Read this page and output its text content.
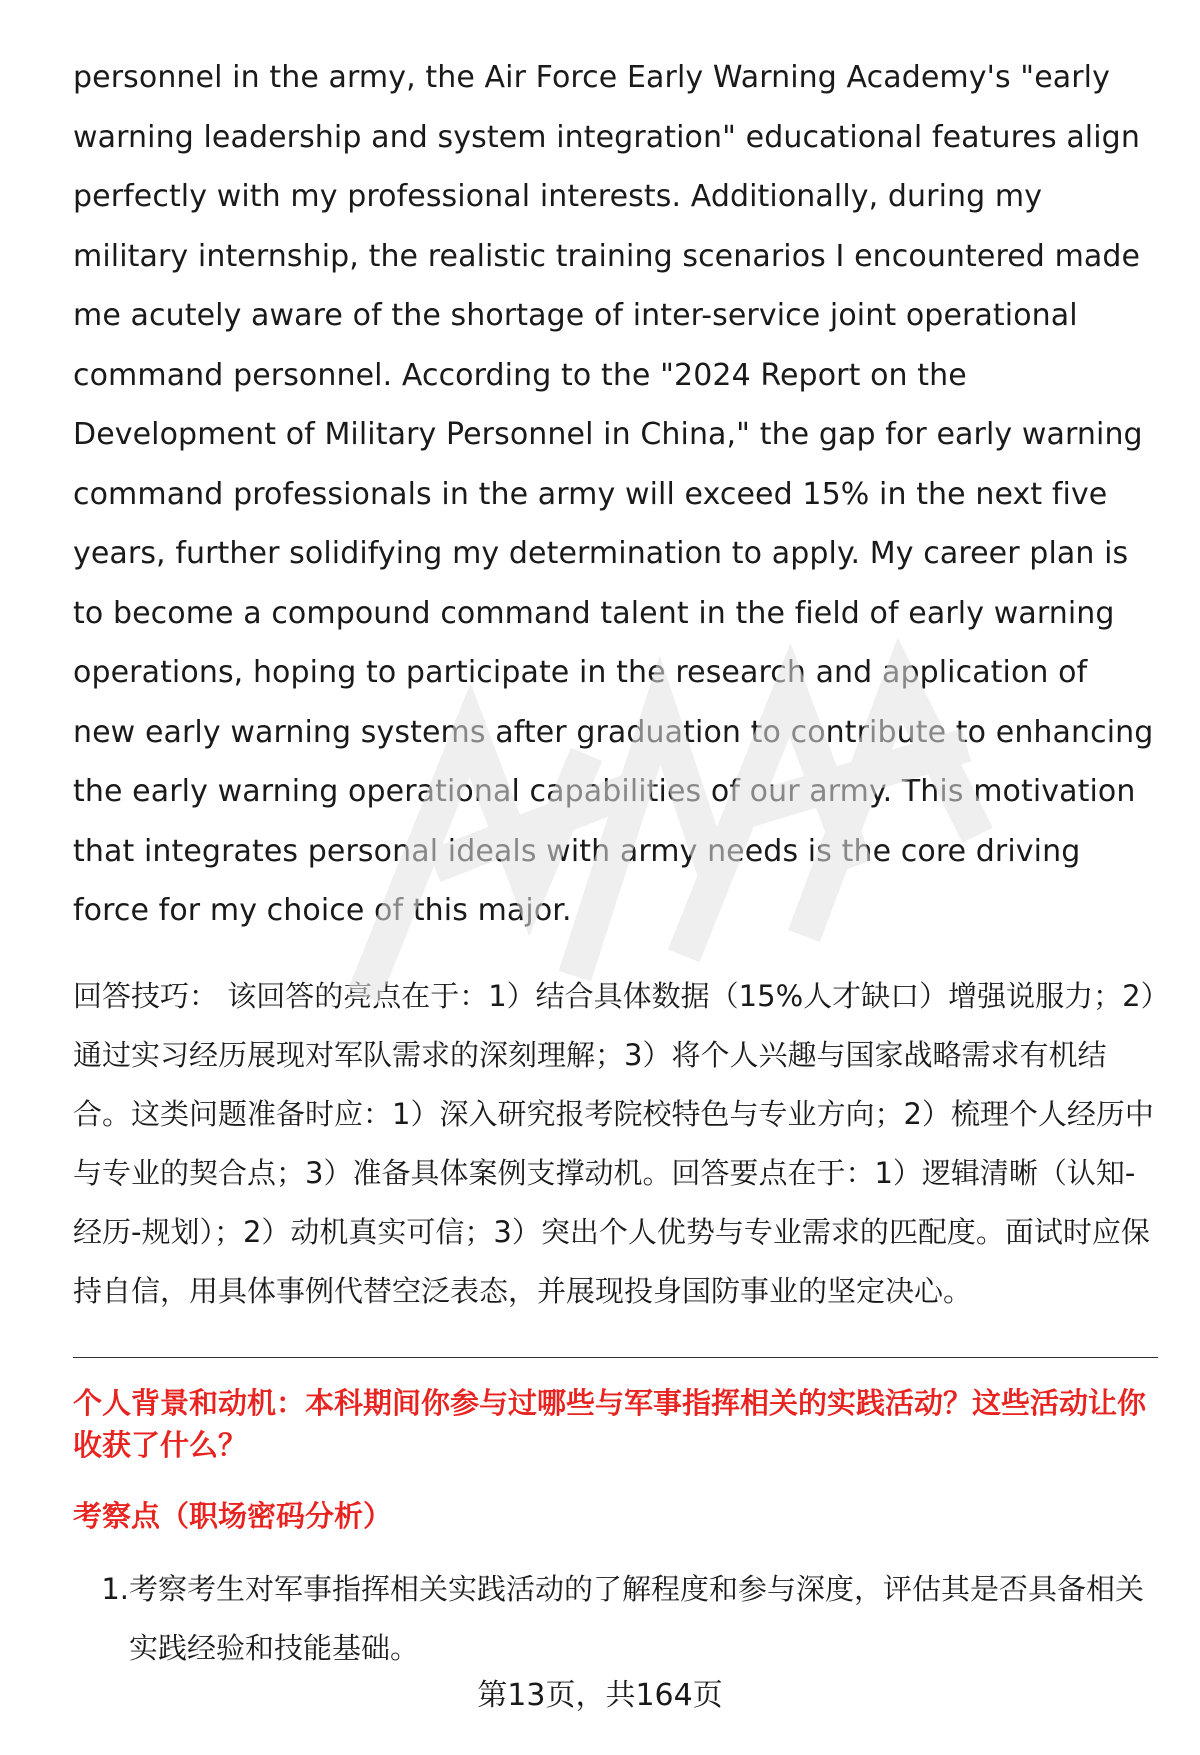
personnel in the army, the Air Force Early Warning Academy's "early warning leadership and system integration" educational features align perfectly with my professional interests. Additionally, during my military internship, the realistic training scenarios I encountered made me acutely aware of the shortage of inter-service joint operational command personnel. According to the "2024 Report on the Development of Military Personnel in China," the gap for early warning command professionals in the army will exceed 15% in the next five years, further solidifying my determination to apply. My career plan is to become a compound command talent in the field of early warning operations, hoping to participate in the research and application of new early warning systems after graduation to contribute to enhancing the early warning operational capabilities of our army. This motivation that integrates personal ideals with army needs is the core driving force for my choice of this major.

回答技巧： 该回答的亮点在于：1）结合具体数据（15%人才缺口）增强说服力；2）通过实习经历展现对军队需求的深刻理解；3）将个人兴趣与国家战略需求有机结合。这类问题准备时应：1）深入研究报考院校特色与专业方向；2）梳理个人经历中与专业的契合点；3）准备具体案例支撑动机。回答要点在于：1）逻辑清晰（认知-经历-规划）；2）动机真实可信；3）突出个人优势与专业需求的匹配度。面试时应保持自信，用具体事例代替空泛表态，并展现投身国防事业的坚定决心。

个人背景和动机：本科期间你参与过哪些与军事指挥相关的实践活动？这些活动让你收获了什么？

考察点（职场密码分析）

1. 考察考生对军事指挥相关实践活动的了解程度和参与深度，评估其是否具备相关实践经验和技能基础。
第13页，共164页
